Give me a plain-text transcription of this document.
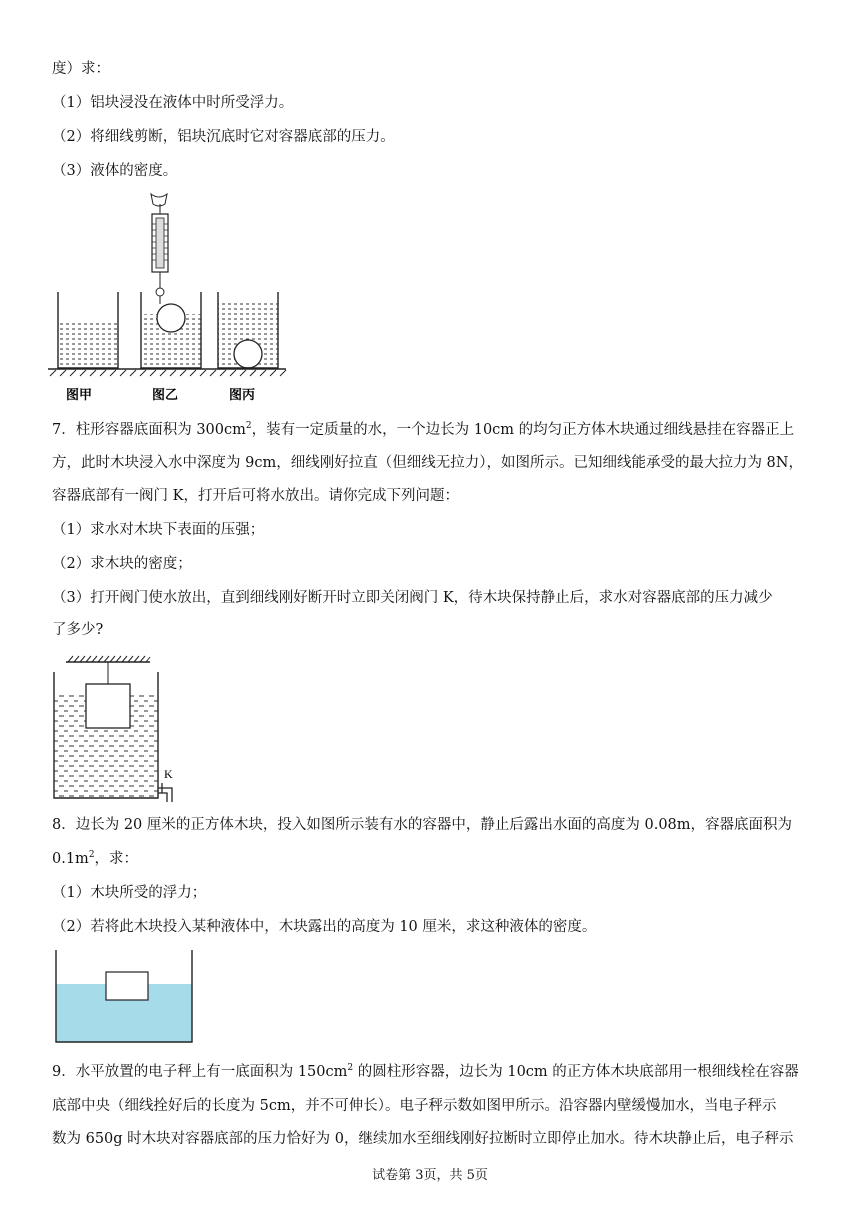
度）求：
（1）铝块浸没在液体中时所受浮力。
（2）将细线剪断，铝块沉底时它对容器底部的压力。
（3）液体的密度。
图甲	图乙	图丙
7．柱形容器底面积为 $300cm^2$，装有一定质量的水，一个边长为 10cm 的均匀正方体木块通过细线悬挂在容器正上
方，此时木块浸入水中深度为 9cm，细线刚好拉直（但细线无拉力），如图所示。已知细线能承受的最大拉力为 8N，
容器底部有一阀门 K，打开后可将水放出。请你完成下列问题：
（1）求水对木块下表面的压强；
（2）求木块的密度；
（3）打开阀门使水放出，直到细线刚好断开时立即关闭阀门 K，待木块保持静止后，求水对容器底部的压力减少
了多少?
K
8．边长为 20 厘米的正方体木块，投入如图所示装有水的容器中，静止后露出水面的高度为 0.08m，容器底面积为
$0.1m^2$，求：
（1）木块所受的浮力；
（2）若将此木块投入某种液体中，木块露出的高度为 10 厘米，求这种液体的密度。
9．水平放置的电子秤上有一底面积为 $150cm^2$ 的圆柱形容器，边长为 10cm 的正方体木块底部用一根细线栓在容器
底部中央（细线拴好后的长度为 5cm，并不可伸长）。电子秤示数如图甲所示。沿容器内壁缓慢加水，当电子秤示
数为 650g 时木块对容器底部的压力恰好为 0，继续加水至细线刚好拉断时立即停止加水。待木块静止后，电子秤示
试卷第 3页，共 5页
